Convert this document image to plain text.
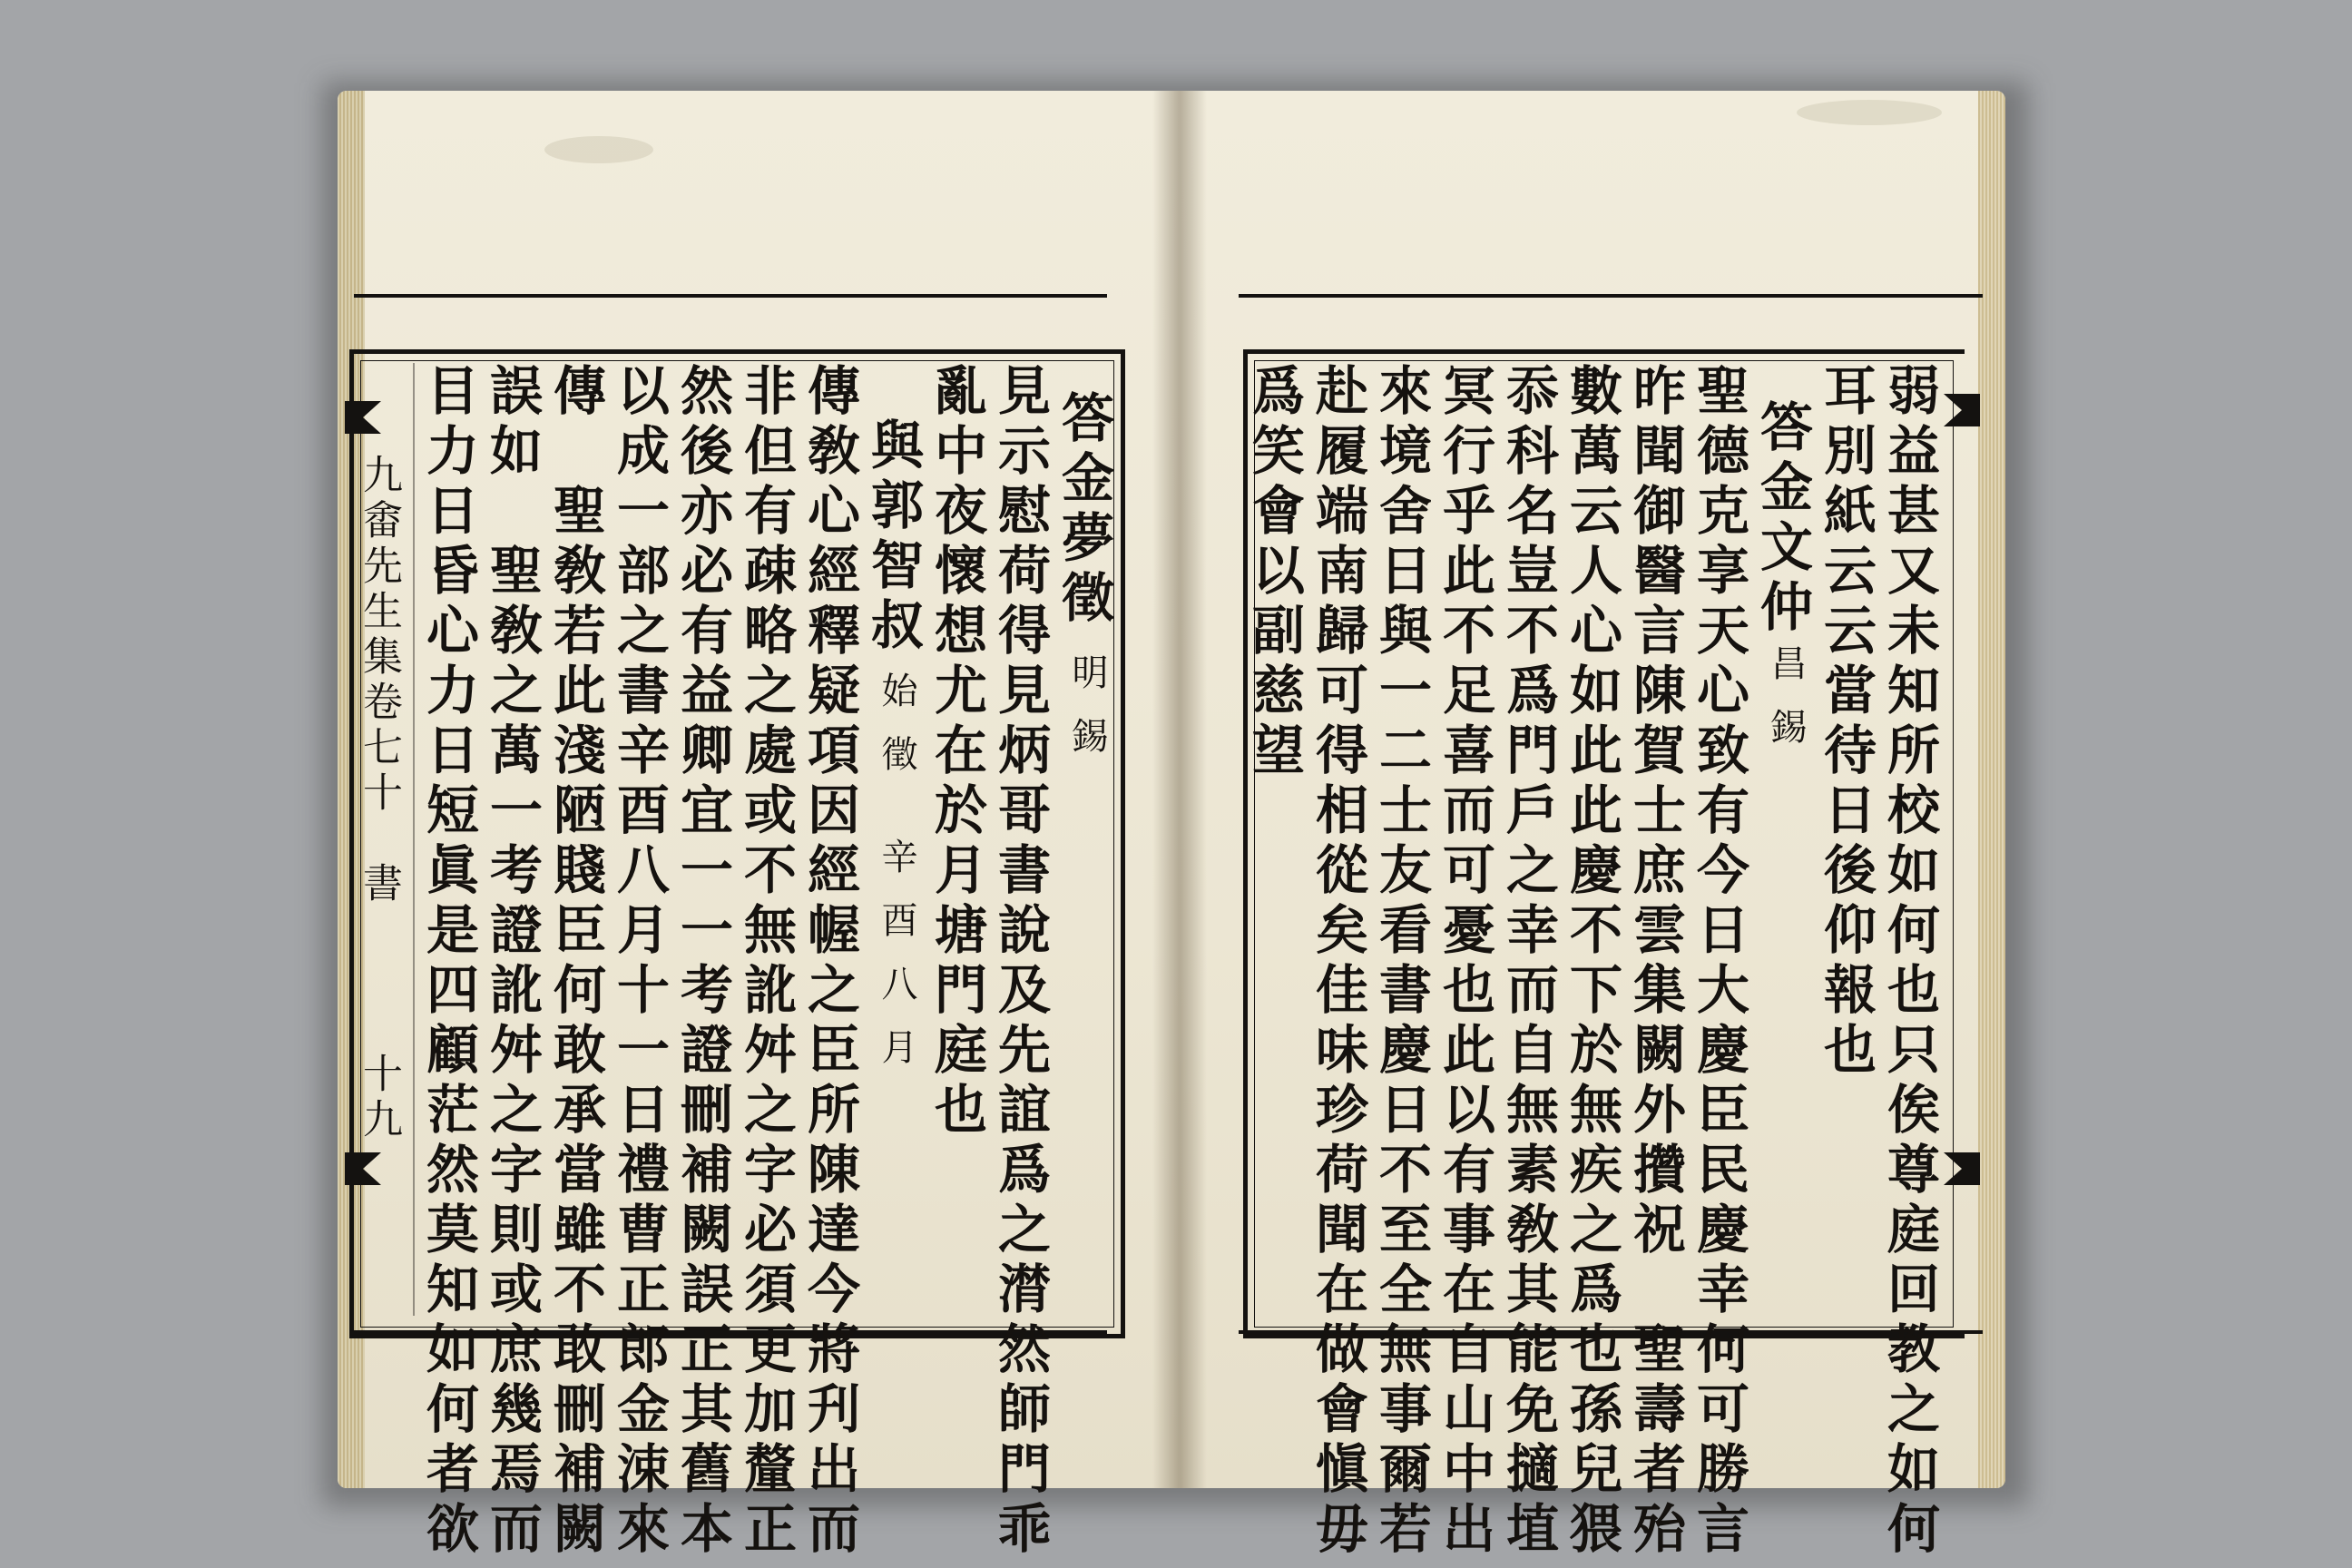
九畬先生集卷七十
書
十九
答金夢徵
明錫
見示慰荷得見炳哥書說及先誼爲之潸然師門乖
亂中夜懷想尤在於月塘門庭也
與郭智叔
始徵 辛酉八月
傳敎心經釋疑項因經幄之臣所陳達今將刋出而
非但有疎略之處或不無訛舛之字必須更加釐正
然後亦必有益卿宜一一考證刪補闕誤正其舊本
以成一部之書辛酉八月十一日禮曹正郎金涑來
傳　聖敎若此淺陋賤臣何敢承當雖不敢刪補闕
誤如　聖敎之萬一考證訛舛之字則或庶幾焉而
目力日昏心力日短眞是四顧茫然莫知如何者欲	弱益甚又未知所校如何也只俟尊庭回教之如何
耳別紙云云當待日後仰報也
答金文仲
昌錫
聖德克享天心致有今日大慶臣民慶幸何可勝言
昨聞御醫言陳賀士庶雲集闕外攢祝　聖壽者殆
數萬云人心如此此慶不下於無疾之爲也孫兒猥
忝科名豈不爲門戶之幸而自無素敎其能免擿埴
冥行乎此不足喜而可憂也此以有事在自山中出
來境舍日與一二士友看書慶日不至全無事爾若
赴履端南歸可得相從矣佳味珍荷聞在做會愼毋
爲笑會以副慈望
